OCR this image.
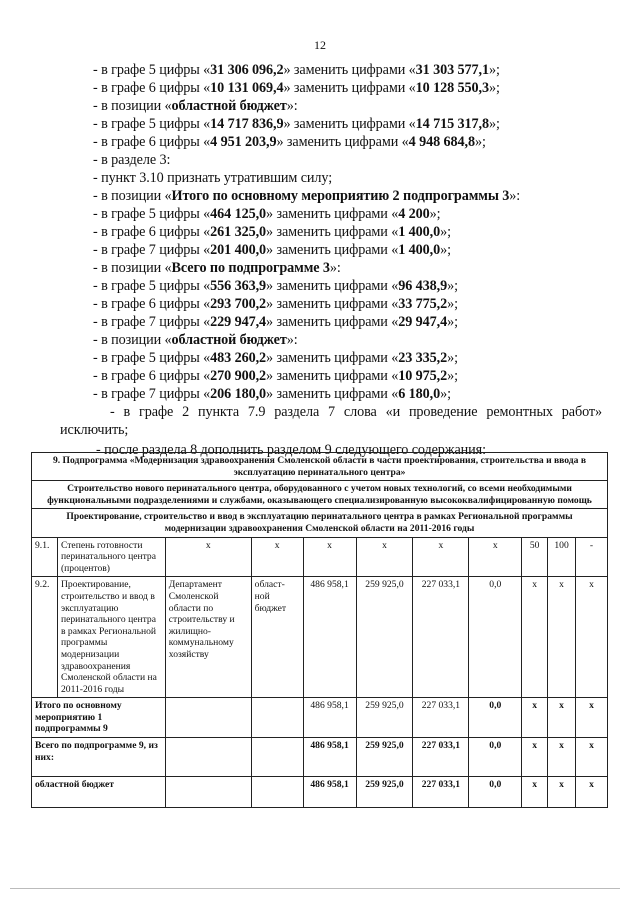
12
- в графе 5 цифры «31 306 096,2» заменить цифрами «31 303 577,1»;
- в графе 6 цифры «10 131 069,4» заменить цифрами «10 128 550,3»;
- в позиции «областной бюджет»:
- в графе 5 цифры «14 717 836,9» заменить цифрами «14 715 317,8»;
- в графе 6 цифры «4 951 203,9» заменить цифрами «4 948 684,8»;
- в разделе 3:
- пункт 3.10 признать утратившим силу;
- в позиции «Итого по основному мероприятию 2 подпрограммы 3»:
- в графе 5 цифры «464 125,0» заменить цифрами «4 200»;
- в графе 6 цифры «261 325,0» заменить цифрами «1 400,0»;
- в графе 7 цифры «201 400,0» заменить цифрами «1 400,0»;
- в позиции «Всего по подпрограмме 3»:
- в графе 5 цифры «556 363,9» заменить цифрами «96 438,9»;
- в графе 6 цифры «293 700,2» заменить цифрами «33 775,2»;
- в графе 7 цифры «229 947,4» заменить цифрами «29 947,4»;
- в позиции «областной бюджет»:
- в графе 5 цифры «483 260,2» заменить цифрами «23 335,2»;
- в графе 6 цифры «270 900,2» заменить цифрами «10 975,2»;
- в графе 7 цифры «206 180,0» заменить цифрами «6 180,0»;
- в графе 2 пункта 7.9 раздела 7 слова «и проведение ремонтных работ»
исключить;
- после раздела 8 дополнить разделом 9 следующего содержания:
9. Подпрограмма «Модернизация здравоохранения Смоленской области в части проектирования, строительства и ввода в эксплуатацию перинатального центра»										
Строительство нового перинатального центра, оборудованного с учетом новых технологий, со всеми необходимыми функциональными подразделениями и службами, оказывающего специализированную высококвалифицированную помощь										
Проектирование, строительство и ввод в эксплуатацию перинатального центра в рамках Региональной программы модернизации здравоохранения Смоленской области на 2011-2016 годы										
9.1.	Степень готовности перинатального центра (процентов)	х	х	х	х	х	х	50	100	-
9.2.	Проектирование, строительство и ввод в эксплуатацию перинатального центра в рамках Региональной программы модернизации здравоохранения Смоленской области на 2011-2016 годы	Департамент Смоленской области по строительству и жилищно-коммунальному хозяйству	област-ной бюджет	486 958,1	259 925,0	227 033,1	0,0	х	х	х
Итого по основному мероприятию 1 подпрограммы 9				486 958,1	259 925,0	227 033,1	0,0	х	х	х
Всего по подпрограмме 9, из них:				486 958,1	259 925,0	227 033,1	0,0	х	х	х
областной бюджет				486 958,1	259 925,0	227 033,1	0,0	х	х	х
